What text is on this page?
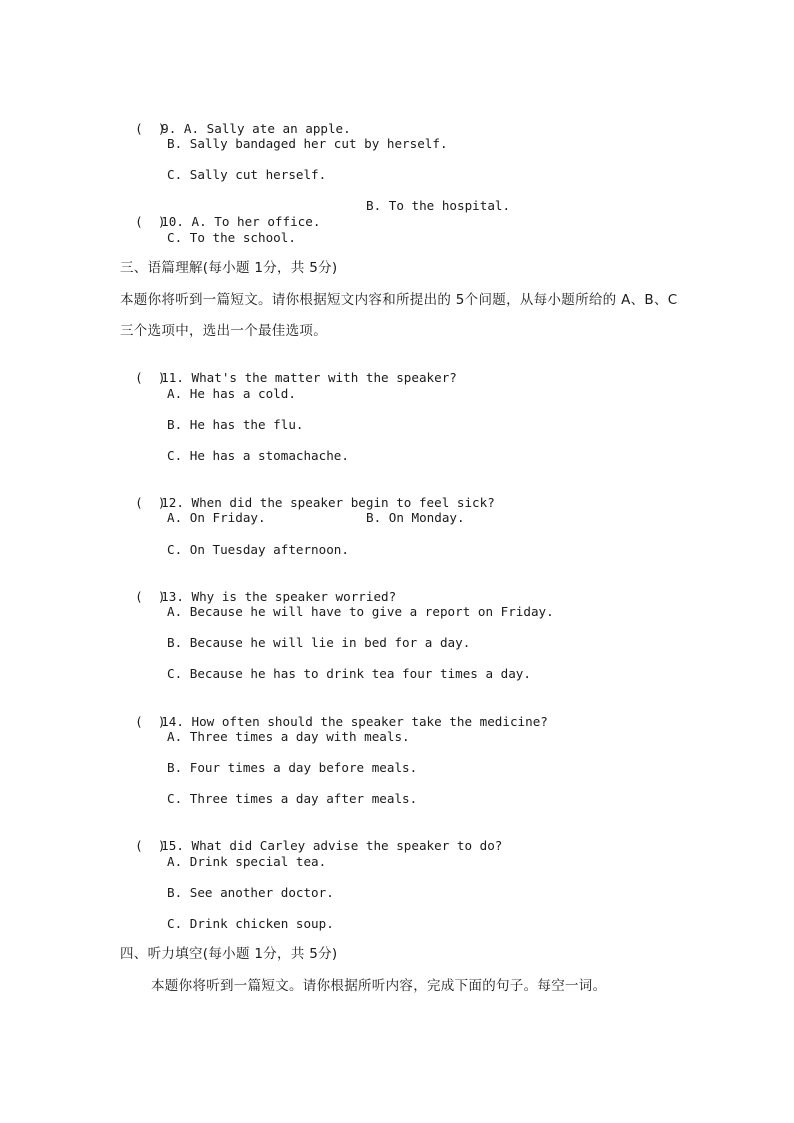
(  )9. A. Sally ate an apple.

B. Sally bandaged her cut by herself.
C. Sally cut herself.

(  )10. A. To her office.

B. To the hospital.
C. To the school.
三、语篇理解(每小题 1分，共 5分)
本题你将听到一篇短文。请你根据短文内容和所提出的 5个问题，从每小题所给的 A、B、C
三个选项中，选出一个最佳选项。

(  )11. What's the matter with the speaker?

A. He has a cold.
B. He has the flu.
C. He has a stomachache.

(  )12. When did the speaker begin to feel sick?

A. On Friday.	B. On Monday.
C. On Tuesday afternoon.

(  )13. Why is the speaker worried?

A. Because he will have to give a report on Friday.
B. Because he will lie in bed for a day.
C. Because he has to drink tea four times a day.

(  )14. How often should the speaker take the medicine?

A. Three times a day with meals.
B. Four times a day before meals.
C. Three times a day after meals.

(  )15. What did Carley advise the speaker to do?

A. Drink special tea.
B. See another doctor.
C. Drink chicken soup.
四、听力填空(每小题 1分，共 5分)
本题你将听到一篇短文。请你根据所听内容，完成下面的句子。每空一词。
